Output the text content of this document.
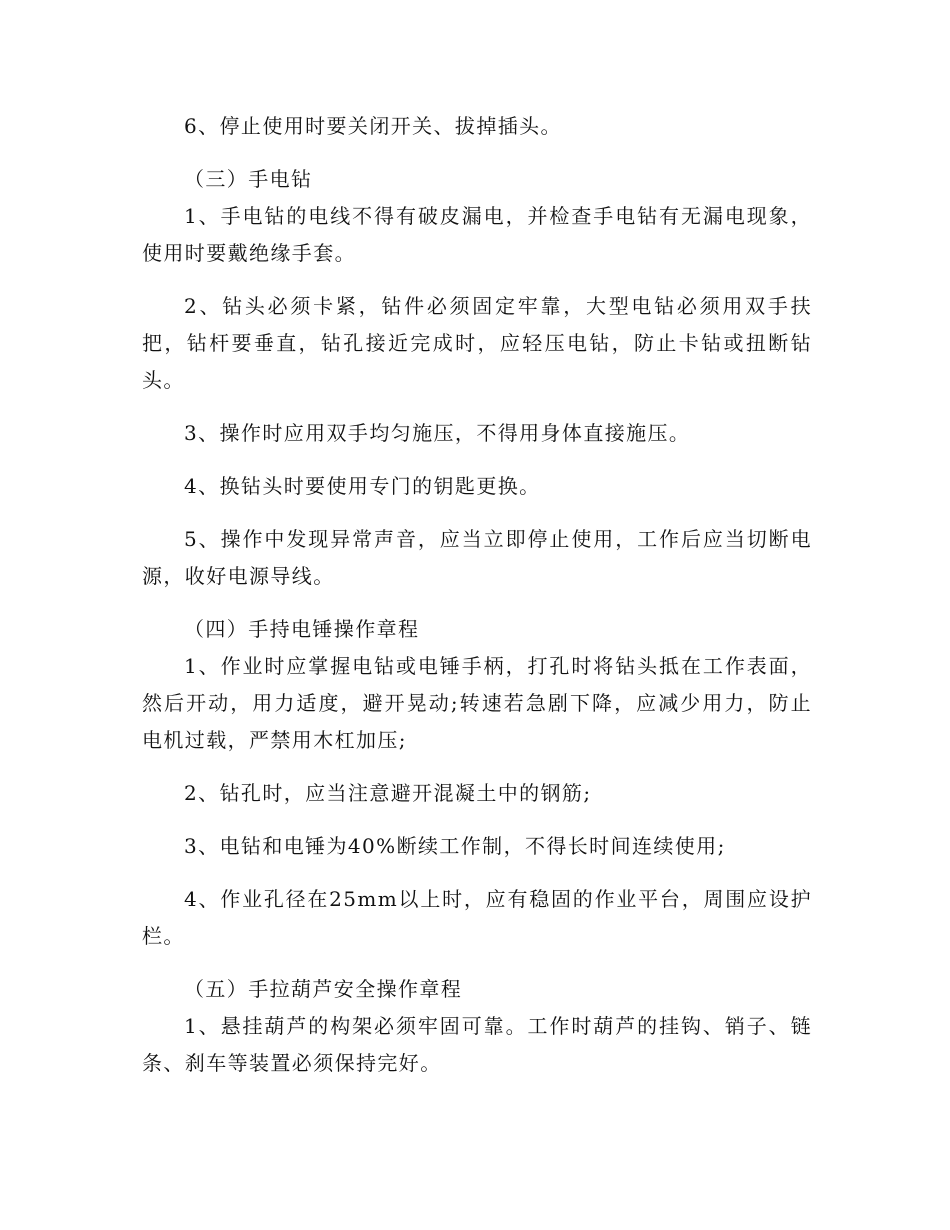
6、停止使用时要关闭开关、拔掉插头。

（三）手电钻

1、手电钻的电线不得有破皮漏电，并检查手电钻有无漏电现象，使用时要戴绝缘手套。

2、钻头必须卡紧，钻件必须固定牢靠，大型电钻必须用双手扶把，钻杆要垂直，钻孔接近完成时，应轻压电钻，防止卡钻或扭断钻头。

3、操作时应用双手均匀施压，不得用身体直接施压。

4、换钻头时要使用专门的钥匙更换。

5、操作中发现异常声音，应当立即停止使用，工作后应当切断电源，收好电源导线。

（四）手持电锤操作章程

1、作业时应掌握电钻或电锤手柄，打孔时将钻头抵在工作表面，然后开动，用力适度，避开晃动;转速若急剧下降，应减少用力，防止电机过载，严禁用木杠加压;

2、钻孔时，应当注意避开混凝土中的钢筋;

3、电钻和电锤为40%断续工作制，不得长时间连续使用;

4、作业孔径在25mm以上时，应有稳固的作业平台，周围应设护栏。

（五）手拉葫芦安全操作章程

1、悬挂葫芦的构架必须牢固可靠。工作时葫芦的挂钩、销子、链条、刹车等装置必须保持完好。
